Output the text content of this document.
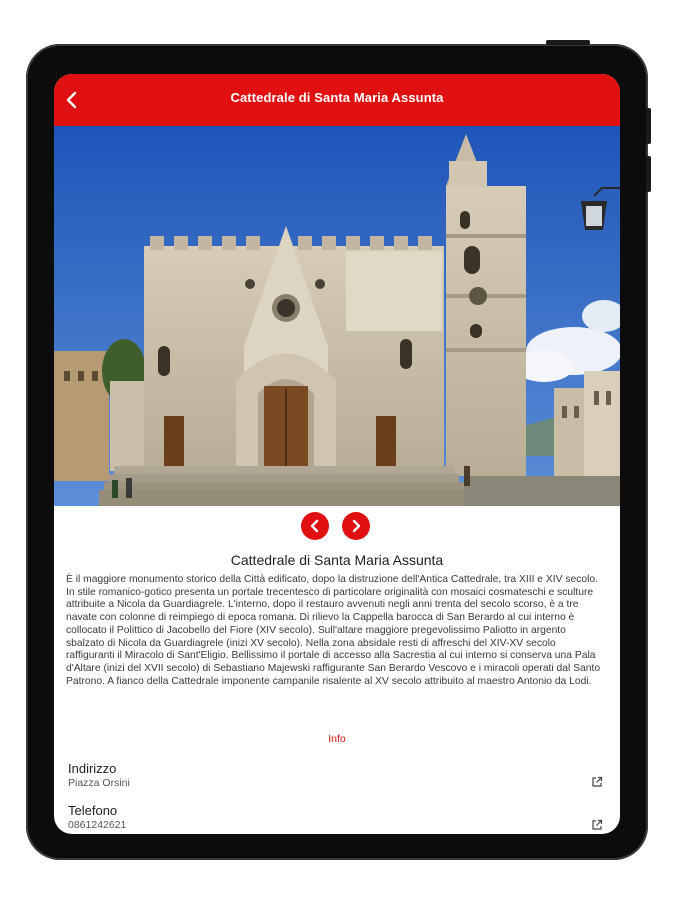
Cattedrale di Santa Maria Assunta
Cattedrale di Santa Maria Assunta
È il maggiore monumento storico della Città edificato, dopo la distruzione dell'Antica Cattedrale, tra XIII e XIV secolo. In stile romanico-gotico presenta un portale trecentesco di particolare originalità con mosaici cosmateschi e sculture attribuite a Nicola da Guardiagrele. L'interno, dopo il restauro avvenuti negli anni trenta del secolo scorso, è a tre navate con colonne di reimpiego di epoca romana. Di rilievo la Cappella barocca di San Berardo al cui interno è collocato il Polittico di Jacobello del Fiore (XIV secolo). Sull'altare maggiore pregevolissimo Paliotto in argento sbalzato di Nicola da Guardiagrele (inizi XV secolo). Nella zona absidale resti di affreschi del XIV-XV secolo raffiguranti il Miracolo di Sant'Eligio. Bellissimo il portale di accesso alla Sacrestia al cui interno si conserva una Pala d'Altare (inizi del XVII secolo) di Sebastiano Majewski raffigurante San Berardo Vescovo e i miracoli operati dal Santo Patrono. A fianco della Cattedrale imponente campanile risalente al XV secolo attribuito al maestro Antonio da Lodi.
Info
Indirizzo
Piazza Orsini
Telefono
0861242621
